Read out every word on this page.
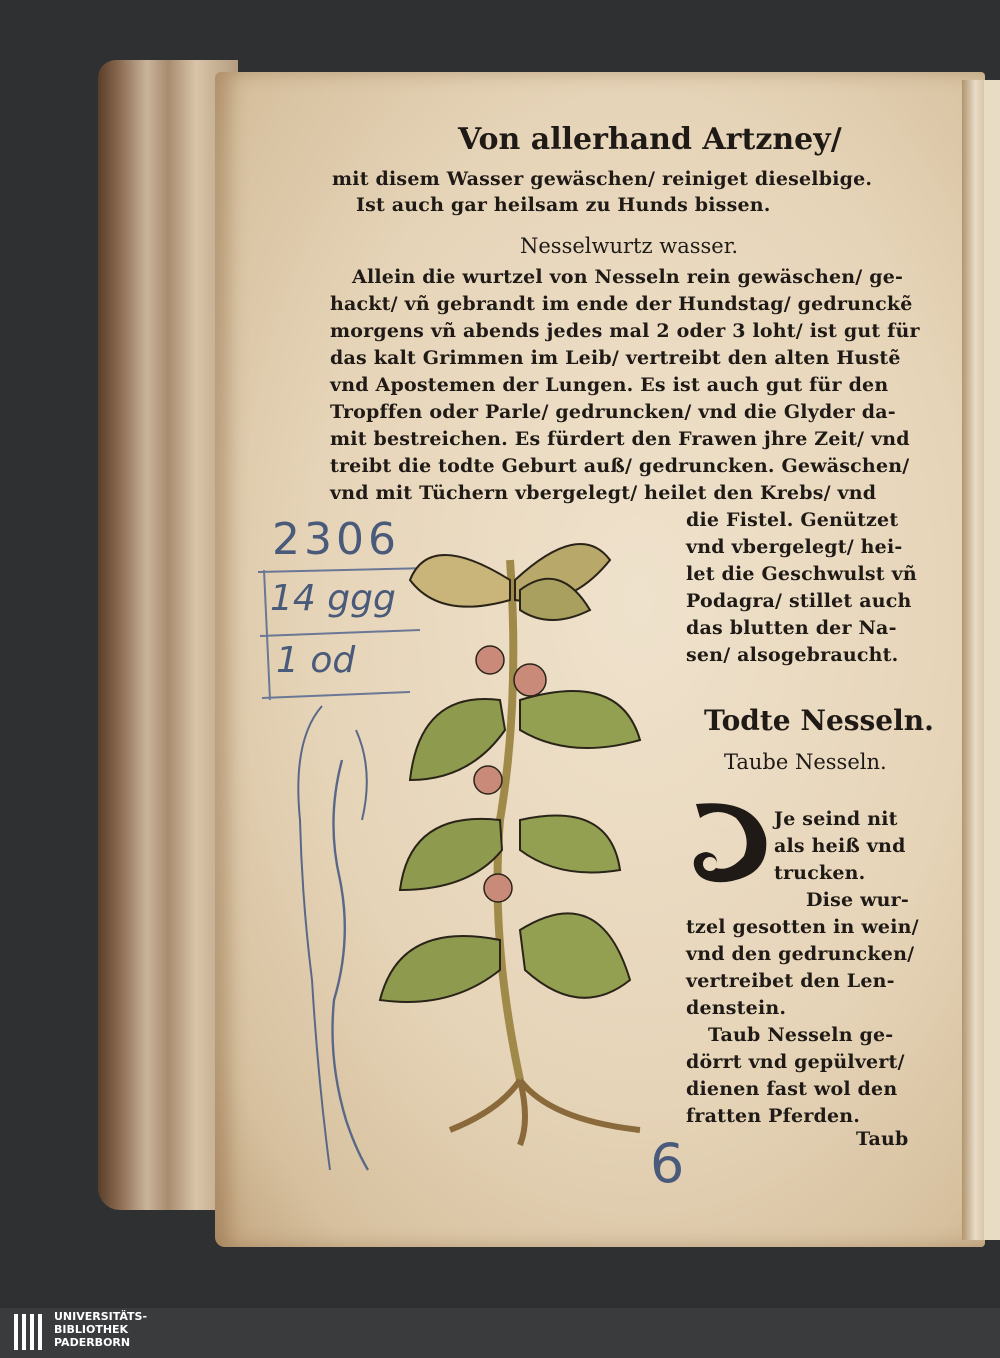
Von allerhand Artzney/
mit disem Wasser gewäschen/ reiniget dieselbige.
Ist auch gar heilsam zu Hunds bissen.
Nesselwurtz wasser.
Allein die wurtzel von Nesseln rein gewäschen/ ge-
hackt/ vñ gebrandt im ende der Hundstag/ gedrunckẽ
morgens vñ abends jedes mal 2 oder 3 loht/ ist gut für
das kalt Grimmen im Leib/ vertreibt den alten Hustẽ
vnd Apostemen der Lungen. Es ist auch gut für den
Tropffen oder Parle/ gedruncken/ vnd die Glyder da-
mit bestreichen. Es fürdert den Frawen jhre Zeit/ vnd
treibt die todte Geburt auß/ gedruncken. Gewäschen/
vnd mit Tüchern vbergelegt/ heilet den Krebs/ vnd
die Fistel. Genützet
vnd vbergelegt/ hei-
let die Geschwulst vñ
Podagra/ stillet auch
das blutten der Na-
sen/ alsogebraucht.
Todte Nesseln.
Taube Nesseln.
Je seind nit
als heiß vnd
trucken.
Dise wur-
tzel gesotten in wein/
vnd den gedruncken/
vertreibet den Len-
denstein.
Taub Nesseln ge-
dörrt vnd gepülvert/
dienen fast wol den
fratten Pferden.
Taub
2306
14 ggg
1 od
6
UNIVERSITÄTS-
BIBLIOTHEK
PADERBORN
